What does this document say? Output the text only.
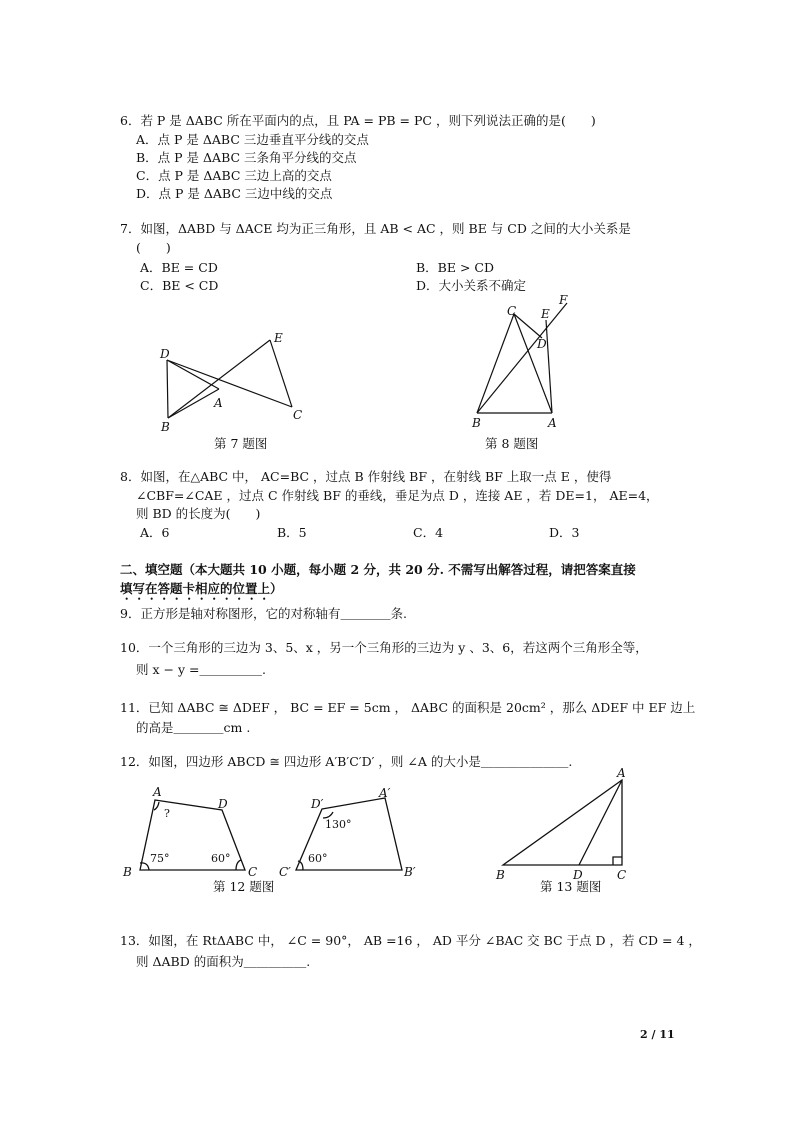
6．若 P 是 ΔABC 所在平面内的点，且 PA = PB = PC ，则下列说法正确的是(　　)
A．点 P 是 ΔABC 三边垂直平分线的交点
B．点 P 是 ΔABC 三条角平分线的交点
C．点 P 是 ΔABC 三边上高的交点
D．点 P 是 ΔABC 三边中线的交点
7．如图，ΔABD 与 ΔACE 均为正三角形，且 AB < AC ，则 BE 与 CD 之间的大小关系是
(　　)
A．BE = CD	B．BE > CD
C．BE < CD	D．大小关系不确定
D
E
A
B
C
第 7 题图
C E
F
D
B	A
第 8 题图
8．如图，在△ABC 中， AC=BC ，过点 B 作射线 BF ，在射线 BF 上取一点 E ，使得
∠CBF=∠CAE ，过点 C 作射线 BF 的垂线，垂足为点 D ，连接 AE ，若 DE=1， AE=4，
则 BD 的长度为(　　)
A．6	B．5	C．4	D．3
二、填空题（本大题共 10 小题，每小题 2 分，共 20 分. 不需写出解答过程，请把答案直接
填写在答题卡相应的位置上）
9．正方形是轴对称图形，它的对称轴有＿＿＿＿条.
10．一个三角形的三边为 3、5、x ，另一个三角形的三边为 y 、3、6，若这两个三角形全等，
则 x − y =＿＿＿＿＿.
11．已知 ΔABC ≅ ΔDEF ， BC = EF = 5cm ， ΔABC 的面积是 20cm² ，那么 ΔDEF 中 EF 边上
的高是＿＿＿＿cm .
12．如图，四边形 ABCD ≅ 四边形 A′B′C′D′ ，则 ∠A 的大小是＿＿＿＿＿＿＿.
A
D
B	C
?
75°	60°
D′
A′
C′	B′
130°
60°
第 12 题图
A
B	D	C
第 13 题图
13．如图，在 RtΔABC 中， ∠C = 90°， AB =16 ， AD 平分 ∠BAC 交 BC 于点 D ，若 CD = 4 ，
则 ΔABD 的面积为＿＿＿＿＿.
2 / 11
